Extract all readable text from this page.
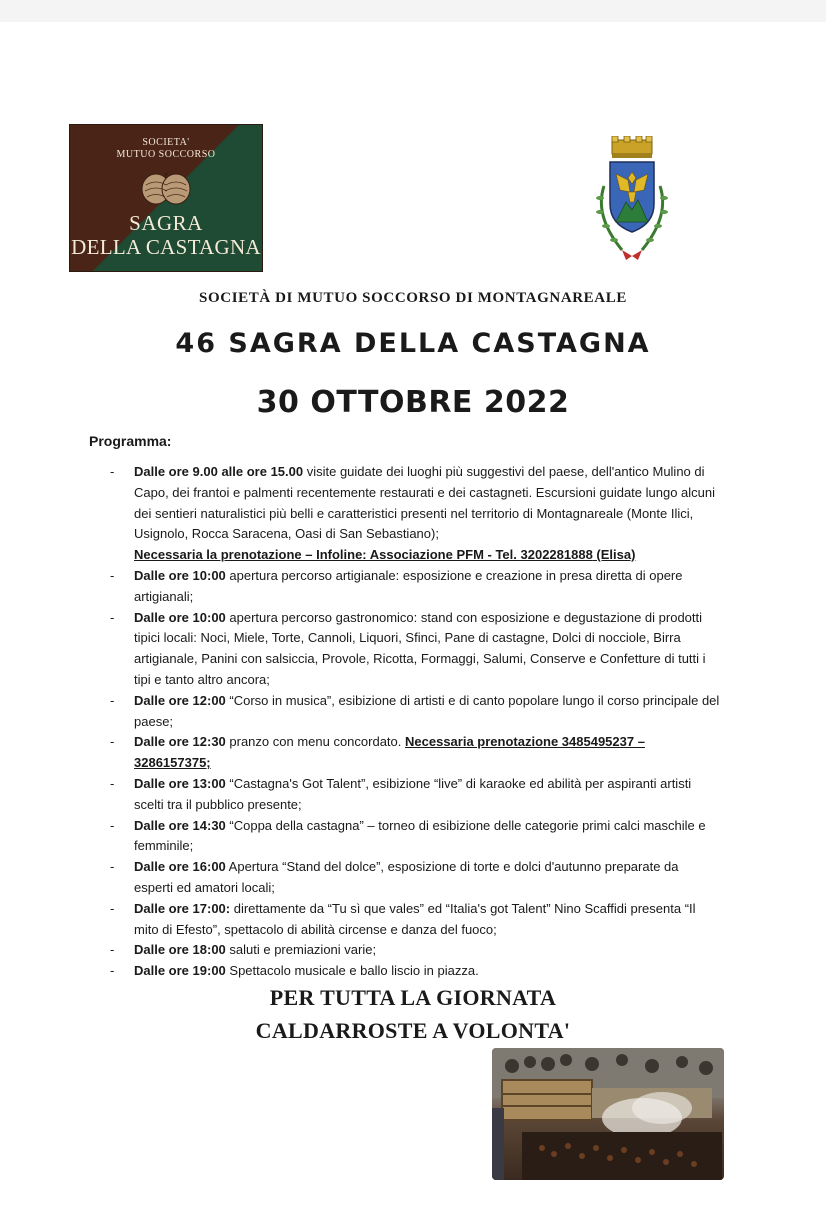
SOCIETA'
MUTUO SOCCORSO
SAGRA
DELLA CASTAGNA
SOCIETÀ DI MUTUO SOCCORSO DI MONTAGNAREALE
46 SAGRA DELLA CASTAGNA
30 OTTOBRE 2022
Programma:
- Dalle ore 9.00 alle ore 15.00 visite guidate dei luoghi più suggestivi del paese, dell'antico Mulino di Capo, dei frantoi e palmenti recentemente restaurati e dei castagneti. Escursioni guidate lungo alcuni dei sentieri naturalistici più belli e caratteristici presenti nel territorio di Montagnareale (Monte Ilici, Usignolo, Rocca Saracena, Oasi di San Sebastiano);
Necessaria la prenotazione – Infoline: Associazione PFM - Tel. 3202281888 (Elisa)
- Dalle ore 10:00 apertura percorso artigianale: esposizione e creazione in presa diretta di opere artigianali;
- Dalle ore 10:00 apertura percorso gastronomico: stand con esposizione e degustazione di prodotti tipici locali: Noci, Miele, Torte, Cannoli, Liquori, Sfinci, Pane di castagne, Dolci di nocciole, Birra artigianale, Panini con salsiccia, Provole, Ricotta, Formaggi, Salumi, Conserve e Confetture di tutti i tipi e tanto altro ancora;
- Dalle ore 12:00 “Corso in musica”, esibizione di artisti e di canto popolare lungo il corso principale del paese;
- Dalle ore 12:30 pranzo con menu concordato. Necessaria prenotazione 3485495237 – 3286157375;
- Dalle ore 13:00 “Castagna's Got Talent”, esibizione “live” di karaoke ed abilità per aspiranti artisti scelti tra il pubblico presente;
- Dalle ore 14:30 “Coppa della castagna” – torneo di esibizione delle categorie primi calci maschile e femminile;
- Dalle ore 16:00 Apertura “Stand del dolce”, esposizione di torte e dolci d'autunno preparate da esperti ed amatori locali;
- Dalle ore 17:00: direttamente da “Tu sì que vales” ed “Italia's got Talent” Nino Scaffidi presenta “Il mito di Efesto”, spettacolo di abilità circense e danza del fuoco;
- Dalle ore 18:00 saluti e premiazioni varie;
- Dalle ore 19:00 Spettacolo musicale e ballo liscio in piazza.
PER TUTTA LA GIORNATA
CALDARROSTE A VOLONTA'
